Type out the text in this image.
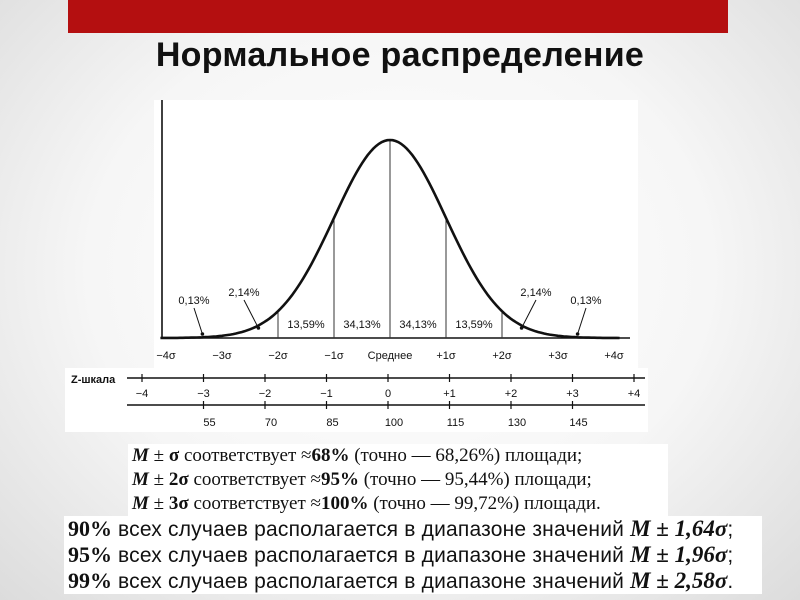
Нормальное распределение
−4σ	−3σ	−2σ	−1σ Среднее +1σ	+2σ	+3σ	+4σ
0,13%
2,14%
13,59% 34,13% 34,13% 13,59%
2,14%
0,13%
Z-шкала
−4	−3	−2	−1	0	+1	+2	+3	+4
55	70	85	100	115	130	145
M ± σ соответствует ≈68% (точно — 68,26%) площади;
M ± 2σ соответствует ≈95% (точно — 95,44%) площади;
M ± 3σ соответствует ≈100% (точно — 99,72%) площади.
90% всех случаев располагается в диапазоне значений M ± 1,64σ;
95% всех случаев располагается в диапазоне значений M ± 1,96σ;
99% всех случаев располагается в диапазоне значений M ± 2,58σ.
